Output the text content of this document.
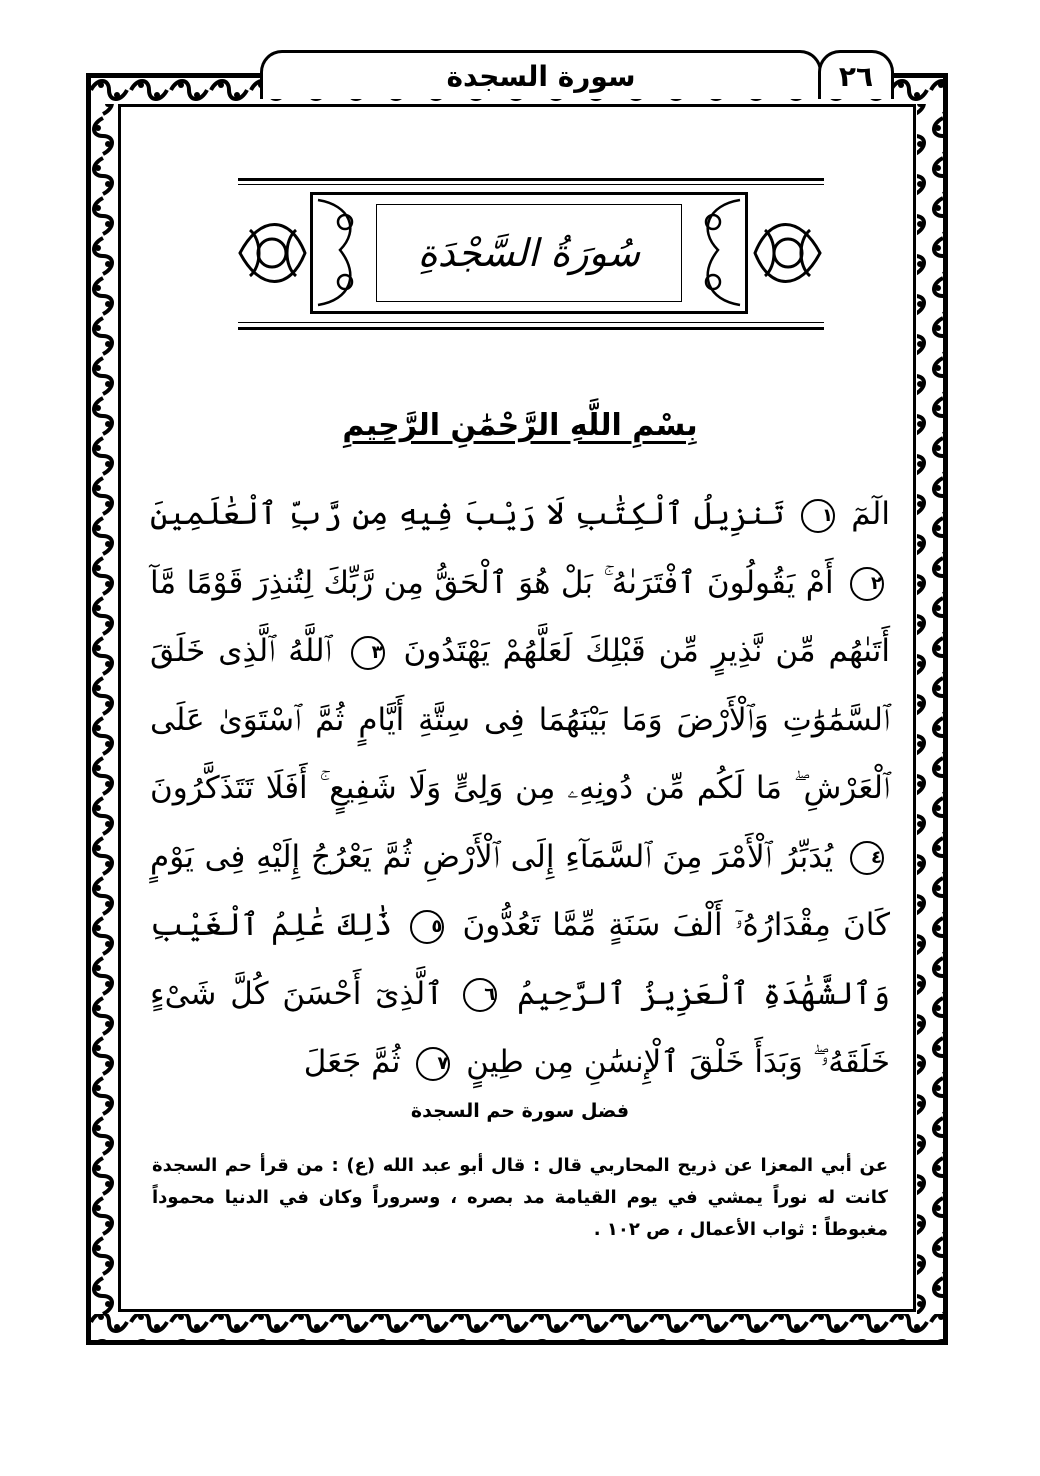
سورة السجدة	٢٦
سُورَةُ السَّجْدَةِ
بِسْمِ اللَّهِ الرَّحْمَٰنِ الرَّحِيمِ
الٓمٓ ١ تَنزِيلُ ٱلْكِتَٰبِ لَا رَيْبَ فِيهِ مِن رَّبِّ ٱلْعَٰلَمِينَ ٢ أَمْ يَقُولُونَ ٱفْتَرَىٰهُ ۚ بَلْ هُوَ ٱلْحَقُّ مِن رَّبِّكَ لِتُنذِرَ قَوْمًا مَّآ أَتَىٰهُم مِّن نَّذِيرٍ مِّن قَبْلِكَ لَعَلَّهُمْ يَهْتَدُونَ ٣ ٱللَّهُ ٱلَّذِى خَلَقَ ٱلسَّمَٰوَٰتِ وَٱلْأَرْضَ وَمَا بَيْنَهُمَا فِى سِتَّةِ أَيَّامٍ ثُمَّ ٱسْتَوَىٰ عَلَى ٱلْعَرْشِ ۖ مَا لَكُم مِّن دُونِهِۦ مِن وَلِىٍّ وَلَا شَفِيعٍ ۚ أَفَلَا تَتَذَكَّرُونَ ٤ يُدَبِّرُ ٱلْأَمْرَ مِنَ ٱلسَّمَآءِ إِلَى ٱلْأَرْضِ ثُمَّ يَعْرُجُ إِلَيْهِ فِى يَوْمٍ كَانَ مِقْدَارُهُۥٓ أَلْفَ سَنَةٍ مِّمَّا تَعُدُّونَ ٥ ذَٰلِكَ عَٰلِمُ ٱلْغَيْبِ وَٱلشَّهَٰدَةِ ٱلْعَزِيزُ ٱلرَّحِيمُ ٦ ٱلَّذِىٓ أَحْسَنَ كُلَّ شَىْءٍ خَلَقَهُۥ ۖ وَبَدَأَ خَلْقَ ٱلْإِنسَٰنِ مِن طِينٍ ٧ ثُمَّ جَعَلَ
فضل سورة حم السجدة
عن أبي المعزا عن ذريح المحاربي قال : قال أبو عبد الله (ع) : من قرأ حم السجدة كانت له نوراً يمشي في يوم القيامة مد بصره ، وسروراً وكان في الدنيا محموداً مغبوطاً : ثواب الأعمال ، ص ١٠٢ .
